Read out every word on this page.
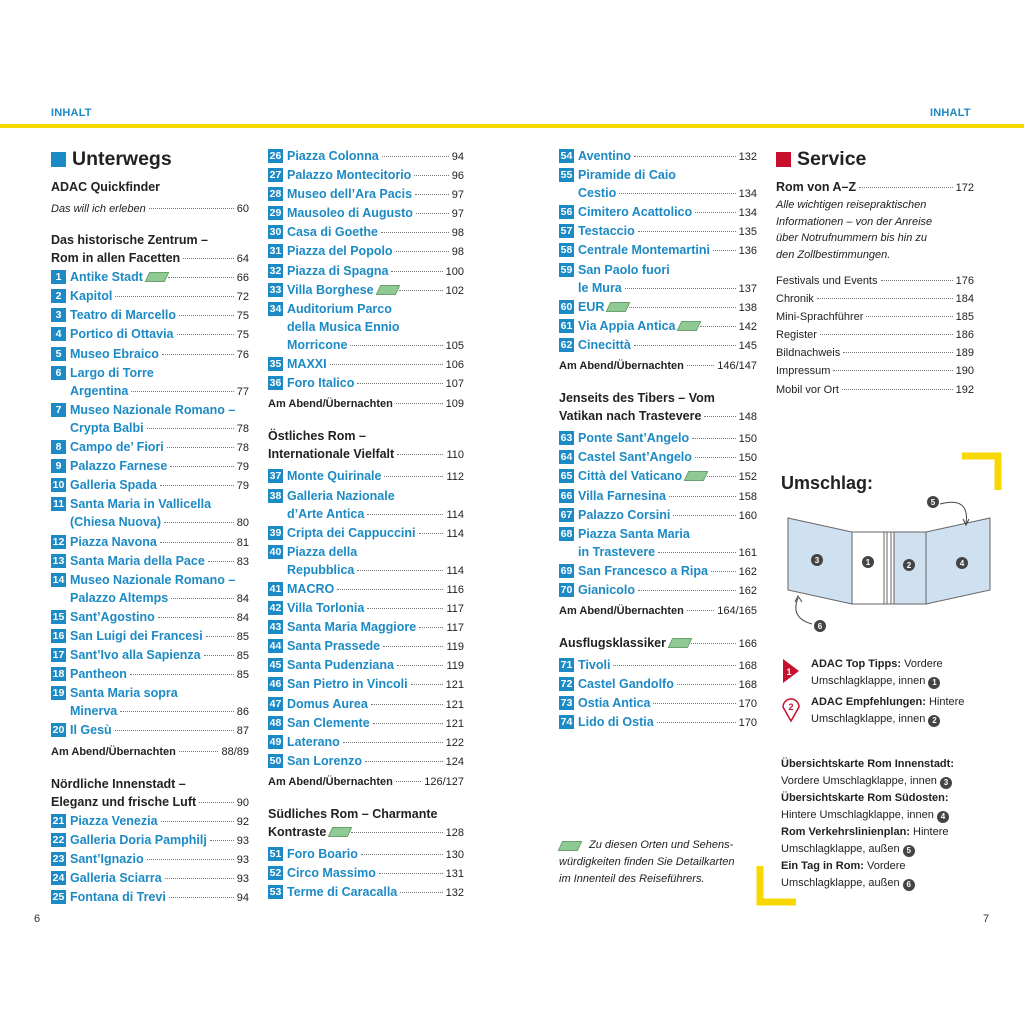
INHALT	INHALT
Unterwegs
ADAC Quickfinder
Das will ich erleben	60
Das historische Zentrum –
Rom in allen Facetten	64
1 Antike Stadt	66
2 Kapitol	72
3 Teatro di Marcello	75
4 Portico di Ottavia	75
5 Museo Ebraico	76
6 Largo di Torre
Argentina	77
7 Museo Nazionale Romano –
Crypta Balbi	78
8 Campo de’ Fiori	78
9 Palazzo Farnese	79
10 Galleria Spada	79
11 Santa Maria in Vallicella
(Chiesa Nuova)	80
12 Piazza Navona	81
13 Santa Maria della Pace	83
14 Museo Nazionale Romano –
Palazzo Altemps	84
15 Sant’Agostino	84
16 San Luigi dei Francesi	85
17 Sant’Ivo alla Sapienza	85
18 Pantheon	85
19 Santa Maria sopra
Minerva	86
20 Il Gesù	87
Am Abend/Übernachten	88/89
Nördliche Innenstadt –
Eleganz und frische Luft	90
21 Piazza Venezia	92
22 Galleria Doria Pamphilj	93
23 Sant’Ignazio	93
24 Galleria Sciarra	93
25 Fontana di Trevi	94
26 Piazza Colonna	94
27 Palazzo Montecitorio	96
28 Museo dell’Ara Pacis	97
29 Mausoleo di Augusto	97
30 Casa di Goethe	98
31 Piazza del Popolo	98
32 Piazza di Spagna	100
33 Villa Borghese	102
34 Auditorium Parco
della Musica Ennio
Morricone	105
35 MAXXI	106
36 Foro Italico	107
Am Abend/Übernachten	109
Östliches Rom –
Internationale Vielfalt	110
37 Monte Quirinale	112
38 Galleria Nazionale
d’Arte Antica	114
39 Cripta dei Cappuccini	114
40 Piazza della
Repubblica	114
41 MACRO	116
42 Villa Torlonia	117
43 Santa Maria Maggiore	117
44 Santa Prassede	119
45 Santa Pudenziana	119
46 San Pietro in Vincoli	121
47 Domus Aurea	121
48 San Clemente	121
49 Laterano	122
50 San Lorenzo	124
Am Abend/Übernachten	126/127
Südliches Rom – Charmante
Kontraste	128
51 Foro Boario	130
52 Circo Massimo	131
53 Terme di Caracalla	132
54 Aventino	132
55 Piramide di Caio
Cestio	134
56 Cimitero Acattolico	134
57 Testaccio	135
58 Centrale Montemartini	136
59 San Paolo fuori
le Mura	137
60 EUR	138
61 Via Appia Antica	142
62 Cinecittà	145
Am Abend/Übernachten	146/147
Jenseits des Tibers – Vom
Vatikan nach Trastevere	148
63 Ponte Sant’Angelo	150
64 Castel Sant’Angelo	150
65 Città del Vaticano	152
66 Villa Farnesina	158
67 Palazzo Corsini	160
68 Piazza Santa Maria
in Trastevere	161
69 San Francesco a Ripa	162
70 Gianicolo	162
Am Abend/Übernachten	164/165
Ausflugsklassiker	166
71 Tivoli	168
72 Castel Gandolfo	168
73 Ostia Antica	170
74 Lido di Ostia	170
Zu diesen Orten und Sehens-
würdigkeiten finden Sie Detailkarten
im Innenteil des Reiseführers.
Service
Rom von A–Z	172
Alle wichtigen reisepraktischen
Informationen – von der Anreise
über Notrufnummern bis hin zu
den Zollbestimmungen.
Festivals und Events	176
Chronik	184
Mini-Sprachführer	185
Register	186
Bildnachweis	189
Impressum	190
Mobil vor Ort	192
Umschlag:
3	1	2	4
5
6
1
ADAC Top Tipps: Vordere
Umschlagklappe, innen 1
2 ADAC Empfehlungen: Hintere
Umschlagklappe, innen 2
Übersichtskarte Rom Innenstadt:
Vordere Umschlagklappe, innen 3
Übersichtskarte Rom Südosten:
Hintere Umschlagklappe, innen 4
Rom Verkehrslinienplan: Hintere
Umschlagklappe, außen 5
Ein Tag in Rom: Vordere
Umschlagklappe, außen 6
6	7
